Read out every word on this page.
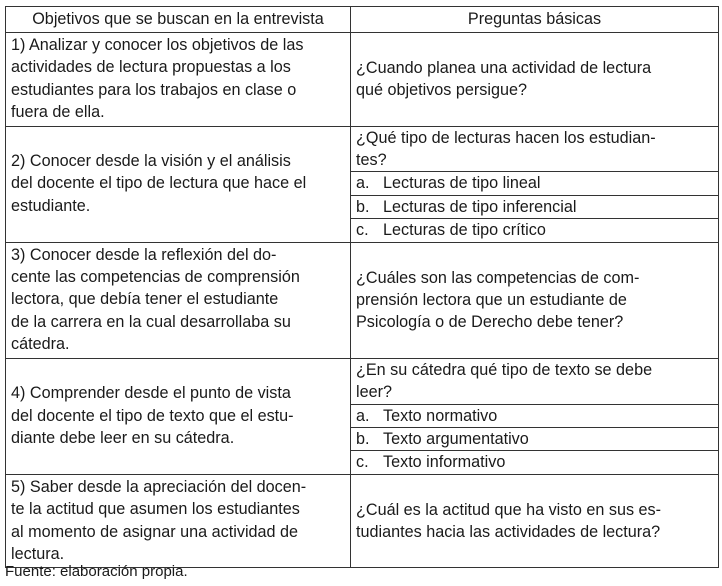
Objetivos que se buscan en la entrevista	Preguntas básicas

1) Analizar y conocer los objetivos de las
actividades de lectura propuestas a los
estudiantes para los trabajos en clase o
fuera de ella.	¿Cuando planea una actividad de lectura
qué objetivos persigue?

2) Conocer desde la visión y el análisis
del docente el tipo de lectura que hace el
estudiante.	¿Qué tipo de lecturas hacen los estudian-
tes?
a. Lecturas de tipo lineal
b. Lecturas de tipo inferencial
c. Lecturas de tipo crítico

3) Conocer desde la reflexión del do-
cente las competencias de comprensión
lectora, que debía tener el estudiante
de la carrera en la cual desarrollaba su
cátedra.	¿Cuáles son las competencias de com-
prensión lectora que un estudiante de
Psicología o de Derecho debe tener?

4) Comprender desde el punto de vista
del docente el tipo de texto que el estu-
diante debe leer en su cátedra.	¿En su cátedra qué tipo de texto se debe
leer?
a. Texto normativo
b. Texto argumentativo
c. Texto informativo

5) Saber desde la apreciación del docen-
te la actitud que asumen los estudiantes
al momento de asignar una actividad de
lectura.	¿Cuál es la actitud que ha visto en sus es-
tudiantes hacia las actividades de lectura?
Fuente: elaboración propia.
